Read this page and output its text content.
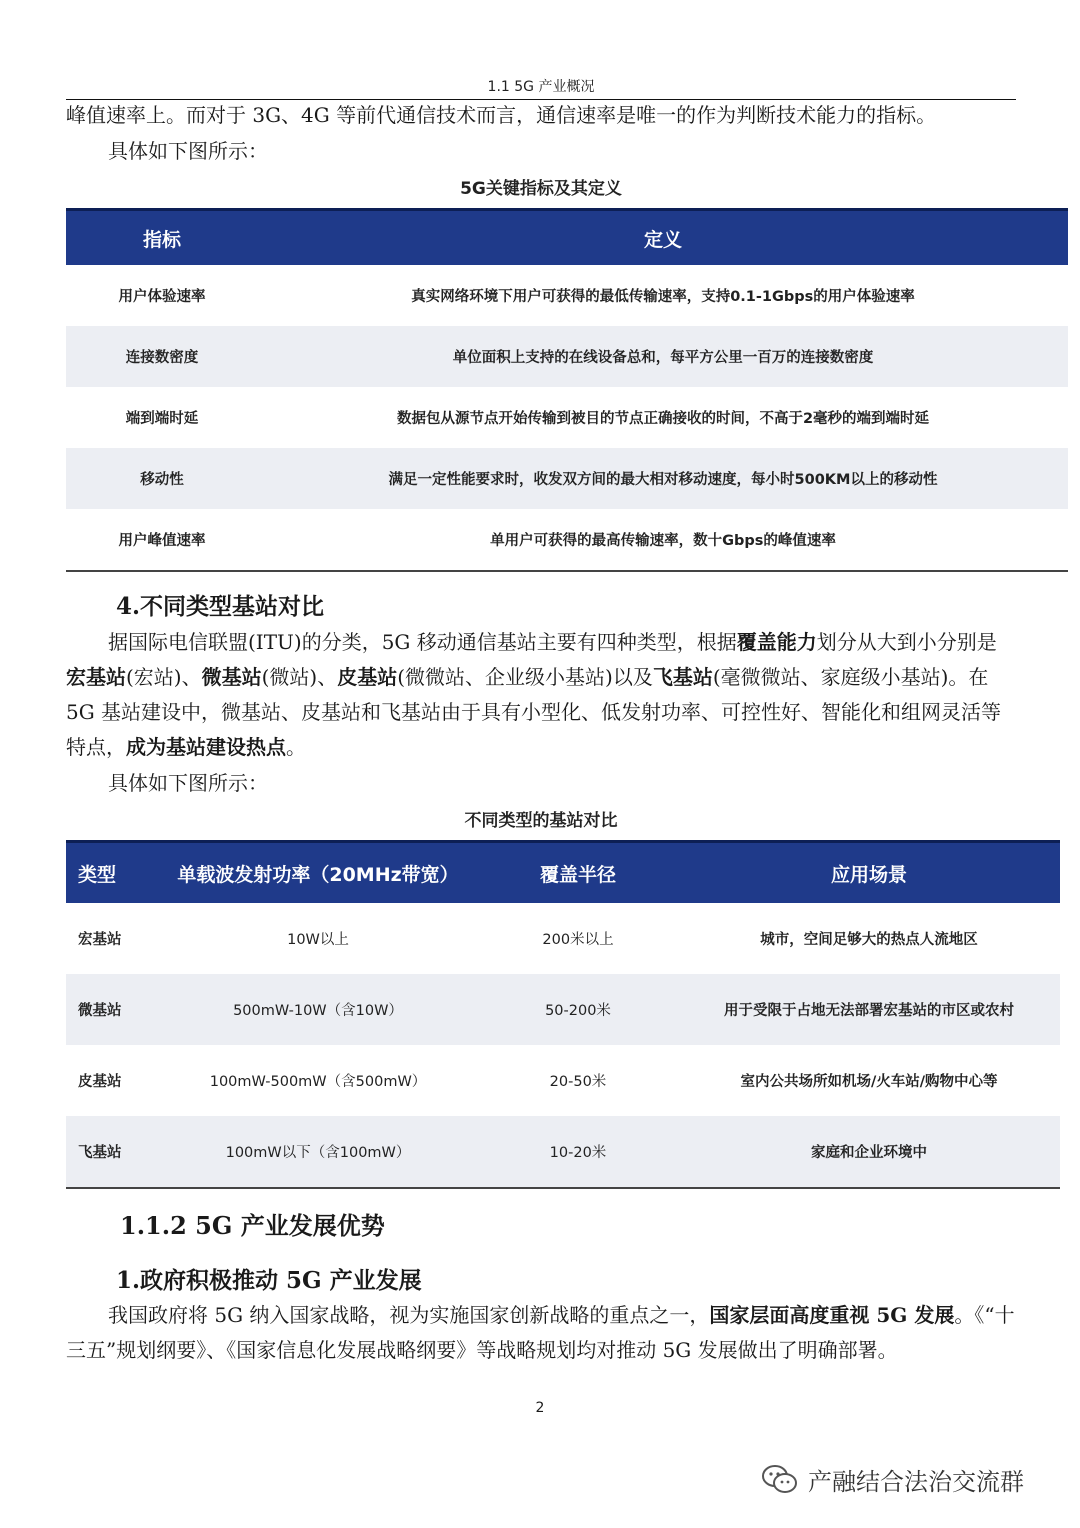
1.1 5G 产业概况

峰值速率上。而对于 3G、4G 等前代通信技术而言，通信速率是唯一的作为判断技术能力的指标。

具体如下图所示：

5G关键指标及其定义
指标	定义
用户体验速率	真实网络环境下用户可获得的最低传输速率，支持0.1-1Gbps的用户体验速率
连接数密度	单位面积上支持的在线设备总和，每平方公里一百万的连接数密度
端到端时延	数据包从源节点开始传输到被目的节点正确接收的时间，不高于2毫秒的端到端时延
移动性	满足一定性能要求时，收发双方间的最大相对移动速度，每小时500KM以上的移动性
用户峰值速率	单用户可获得的最高传输速率，数十Gbps的峰值速率
4.不同类型基站对比

据国际电信联盟(ITU)的分类，5G 移动通信基站主要有四种类型，根据覆盖能力划分从大到小分别是宏基站(宏站)、微基站(微站)、皮基站(微微站、企业级小基站)以及飞基站(毫微微站、家庭级小基站)。在 5G 基站建设中，微基站、皮基站和飞基站由于具有小型化、低发射功率、可控性好、智能化和组网灵活等特点，成为基站建设热点。

具体如下图所示：

不同类型的基站对比
类型	单载波发射功率（20MHz带宽）	覆盖半径	应用场景
宏基站	10W以上	200米以上	城市，空间足够大的热点人流地区
微基站	500mW-10W（含10W）	50-200米	用于受限于占地无法部署宏基站的市区或农村
皮基站	100mW-500mW（含500mW）	20-50米	室内公共场所如机场/火车站/购物中心等
飞基站	100mW以下（含100mW）	10-20米	家庭和企业环境中
1.1.2 5G 产业发展优势
1.政府积极推动 5G 产业发展

我国政府将 5G 纳入国家战略，视为实施国家创新战略的重点之一，国家层面高度重视 5G 发展。《“十三五”规划纲要》、《国家信息化发展战略纲要》等战略规划均对推动 5G 发展做出了明确部署。

2
产融结合法治交流群
